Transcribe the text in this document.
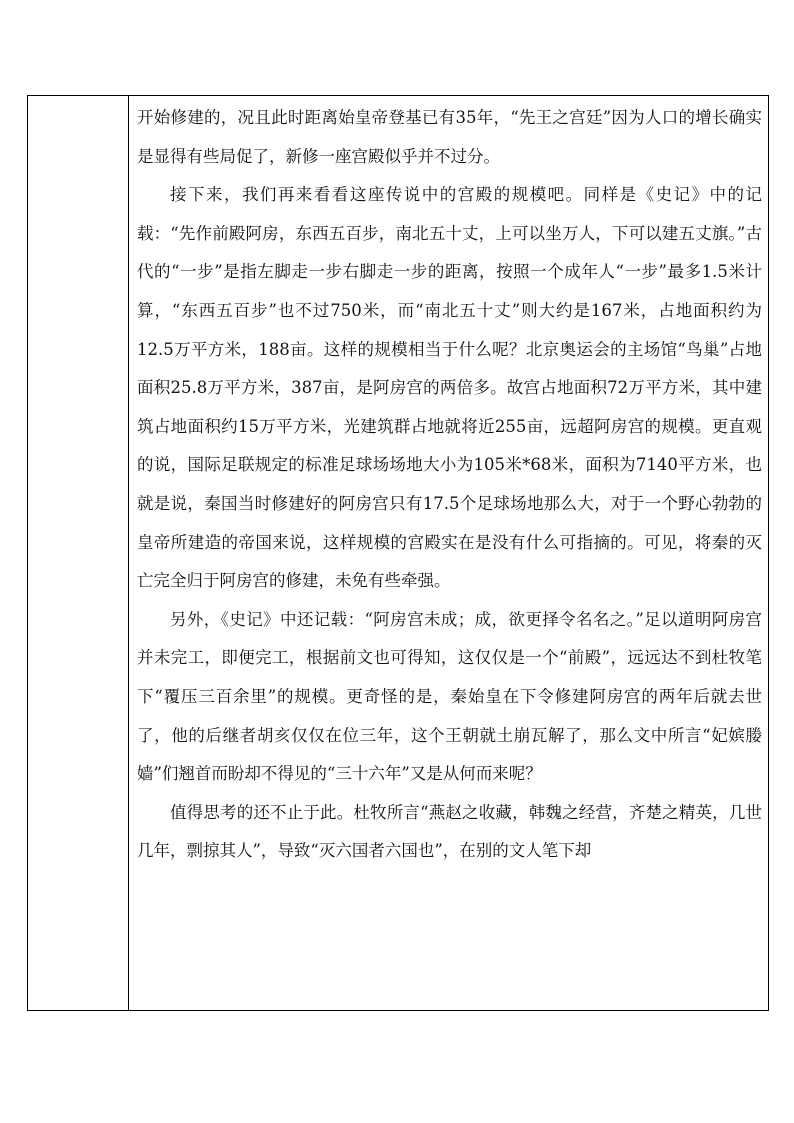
开始修建的，况且此时距离始皇帝登基已有35年，“先王之宫廷”因为人口的增长确实是显得有些局促了，新修一座宫殿似乎并不过分。

接下来，我们再来看看这座传说中的宫殿的规模吧。同样是《史记》中的记载：“先作前殿阿房，东西五百步，南北五十丈，上可以坐万人，下可以建五丈旗。”古代的“一步”是指左脚走一步右脚走一步的距离，按照一个成年人“一步”最多1.5米计算，“东西五百步”也不过750米，而“南北五十丈”则大约是167米，占地面积约为12.5万平方米，188亩。这样的规模相当于什么呢？北京奥运会的主场馆“鸟巢”占地面积25.8万平方米，387亩，是阿房宫的两倍多。故宫占地面积72万平方米，其中建筑占地面积约15万平方米，光建筑群占地就将近255亩，远超阿房宫的规模。更直观的说，国际足联规定的标准足球场场地大小为105米*68米，面积为7140平方米，也就是说，秦国当时修建好的阿房宫只有17.5个足球场地那么大，对于一个野心勃勃的皇帝所建造的帝国来说，这样规模的宫殿实在是没有什么可指摘的。可见，将秦的灭亡完全归于阿房宫的修建，未免有些牵强。

另外，《史记》中还记载：“阿房宫未成；成，欲更择令名名之。”足以道明阿房宫并未完工，即便完工，根据前文也可得知，这仅仅是一个“前殿”，远远达不到杜牧笔下“覆压三百余里”的规模。更奇怪的是，秦始皇在下令修建阿房宫的两年后就去世了，他的后继者胡亥仅仅在位三年，这个王朝就土崩瓦解了，那么文中所言“妃嫔媵嫱”们翘首而盼却不得见的“三十六年”又是从何而来呢？

值得思考的还不止于此。杜牧所言“燕赵之收藏，韩魏之经营，齐楚之精英，几世几年，剽掠其人”，导致“灭六国者六国也”，在别的文人笔下却
